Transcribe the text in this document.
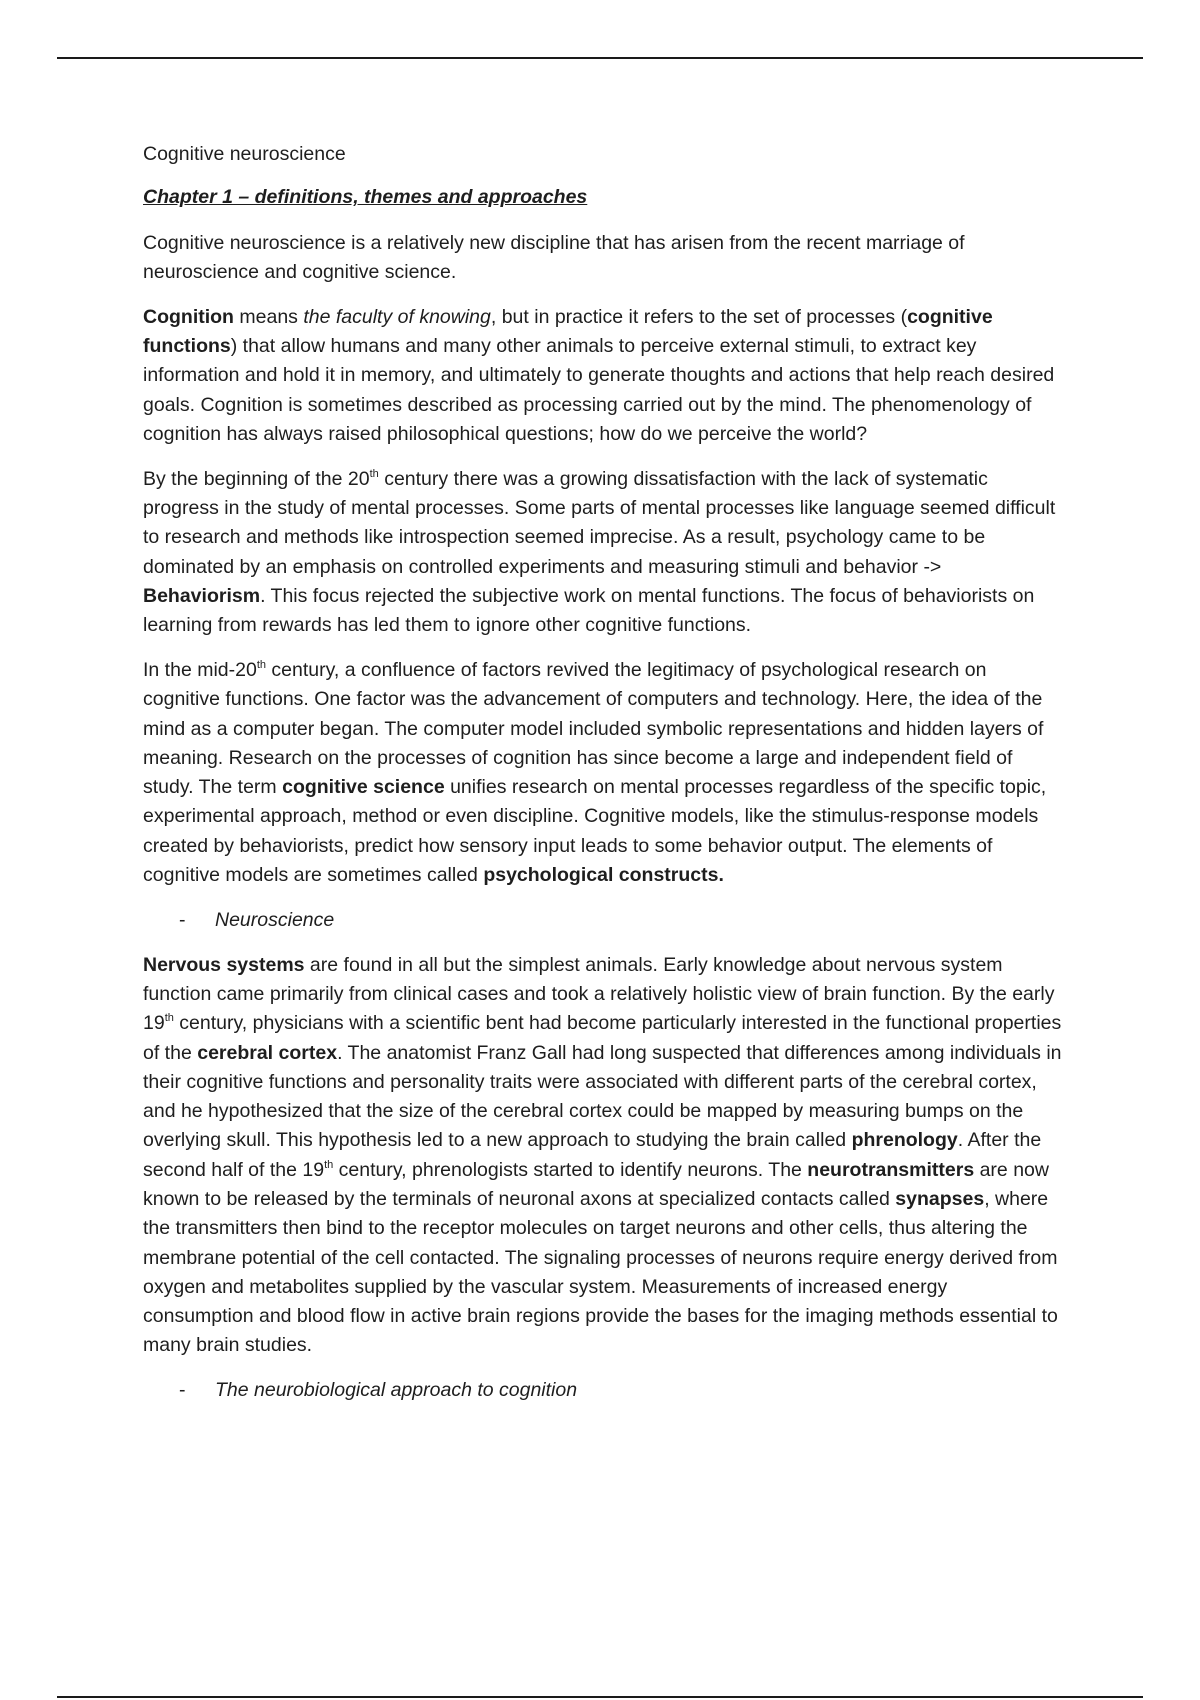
Cognitive neuroscience

Chapter 1 – definitions, themes and approaches

Cognitive neuroscience is a relatively new discipline that has arisen from the recent marriage of neuroscience and cognitive science.

Cognition means the faculty of knowing, but in practice it refers to the set of processes (cognitive functions) that allow humans and many other animals to perceive external stimuli, to extract key information and hold it in memory, and ultimately to generate thoughts and actions that help reach desired goals. Cognition is sometimes described as processing carried out by the mind. The phenomenology of cognition has always raised philosophical questions; how do we perceive the world?

By the beginning of the 20th century there was a growing dissatisfaction with the lack of systematic progress in the study of mental processes. Some parts of mental processes like language seemed difficult to research and methods like introspection seemed imprecise. As a result, psychology came to be dominated by an emphasis on controlled experiments and measuring stimuli and behavior -> Behaviorism. This focus rejected the subjective work on mental functions. The focus of behaviorists on learning from rewards has led them to ignore other cognitive functions.

In the mid-20th century, a confluence of factors revived the legitimacy of psychological research on cognitive functions. One factor was the advancement of computers and technology. Here, the idea of the mind as a computer began. The computer model included symbolic representations and hidden layers of meaning. Research on the processes of cognition has since become a large and independent field of study. The term cognitive science unifies research on mental processes regardless of the specific topic, experimental approach, method or even discipline. Cognitive models, like the stimulus-response models created by behaviorists, predict how sensory input leads to some behavior output. The elements of cognitive models are sometimes called psychological constructs.

- Neuroscience

Nervous systems are found in all but the simplest animals. Early knowledge about nervous system function came primarily from clinical cases and took a relatively holistic view of brain function. By the early 19th century, physicians with a scientific bent had become particularly interested in the functional properties of the cerebral cortex. The anatomist Franz Gall had long suspected that differences among individuals in their cognitive functions and personality traits were associated with different parts of the cerebral cortex, and he hypothesized that the size of the cerebral cortex could be mapped by measuring bumps on the overlying skull. This hypothesis led to a new approach to studying the brain called phrenology. After the second half of the 19th century, phrenologists started to identify neurons. The neurotransmitters are now known to be released by the terminals of neuronal axons at specialized contacts called synapses, where the transmitters then bind to the receptor molecules on target neurons and other cells, thus altering the membrane potential of the cell contacted. The signaling processes of neurons require energy derived from oxygen and metabolites supplied by the vascular system. Measurements of increased energy consumption and blood flow in active brain regions provide the bases for the imaging methods essential to many brain studies.

- The neurobiological approach to cognition
